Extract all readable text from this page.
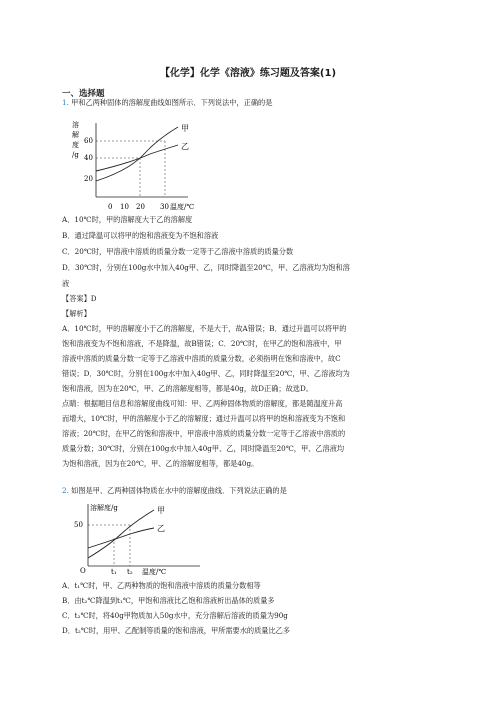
【化学】化学《溶液》练习题及答案(1)
一、选择题
1. 甲和乙两种固体的溶解度曲线如图所示．下列说法中，正确的是
溶
解
度
/g
60
40
20
甲
乙
0 10 20 30 温度/℃
A．10℃时，甲的溶解度大于乙的溶解度
B．通过降温可以将甲的饱和溶液变为不饱和溶液
C．20℃时，甲溶液中溶质的质量分数一定等于乙溶液中溶质的质量分数
D．30℃时，分别在100g水中加入40g甲、乙，同时降温至20℃，甲、乙溶液均为饱和溶
液
【答案】D
【解析】
A．10℃时，甲的溶解度小于乙的溶解度，不是大于，故A错误；B．通过升温可以将甲的
饱和溶液变为不饱和溶液，不是降温，故B错误；C．20℃时，在甲乙的饱和溶液中，甲
溶液中溶质的质量分数一定等于乙溶液中溶质的质量分数，必须指明在饱和溶液中，故C
错误；D．30℃时，分别在100g水中加入40g甲、乙，同时降温至20℃，甲、乙溶液均为
饱和溶液，因为在20℃，甲、乙的溶解度相等，都是40g，故D正确；故选D。
点睛：根据题目信息和溶解度曲线可知：甲、乙两种固体物质的溶解度，都是随温度升高
而增大，10℃时，甲的溶解度小于乙的溶解度；通过升温可以将甲的饱和溶液变为不饱和
溶液；20℃时，在甲乙的饱和溶液中，甲溶液中溶质的质量分数一定等于乙溶液中溶质的
质量分数；30℃时，分别在100g水中加入40g甲、乙，同时降温至20℃，甲、乙溶液均
为饱和溶液，因为在20℃，甲、乙的溶解度相等，都是40g。
2. 如图是甲、乙两种固体物质在水中的溶解度曲线．下列说法正确的是
溶解度/g
50
甲
乙
O	t₁ t₂ 温度/℃
A．t₁℃时，甲、乙两种物质的饱和溶液中溶质的质量分数相等
B．由t₂℃降温到t₁℃，甲饱和溶液比乙饱和溶液析出晶体的质量多
C．t₂℃时，将40g甲物质加入50g水中，充分溶解后溶液的质量为90g
D．t₂℃时，用甲、乙配制等质量的饱和溶液，甲所需要水的质量比乙多
